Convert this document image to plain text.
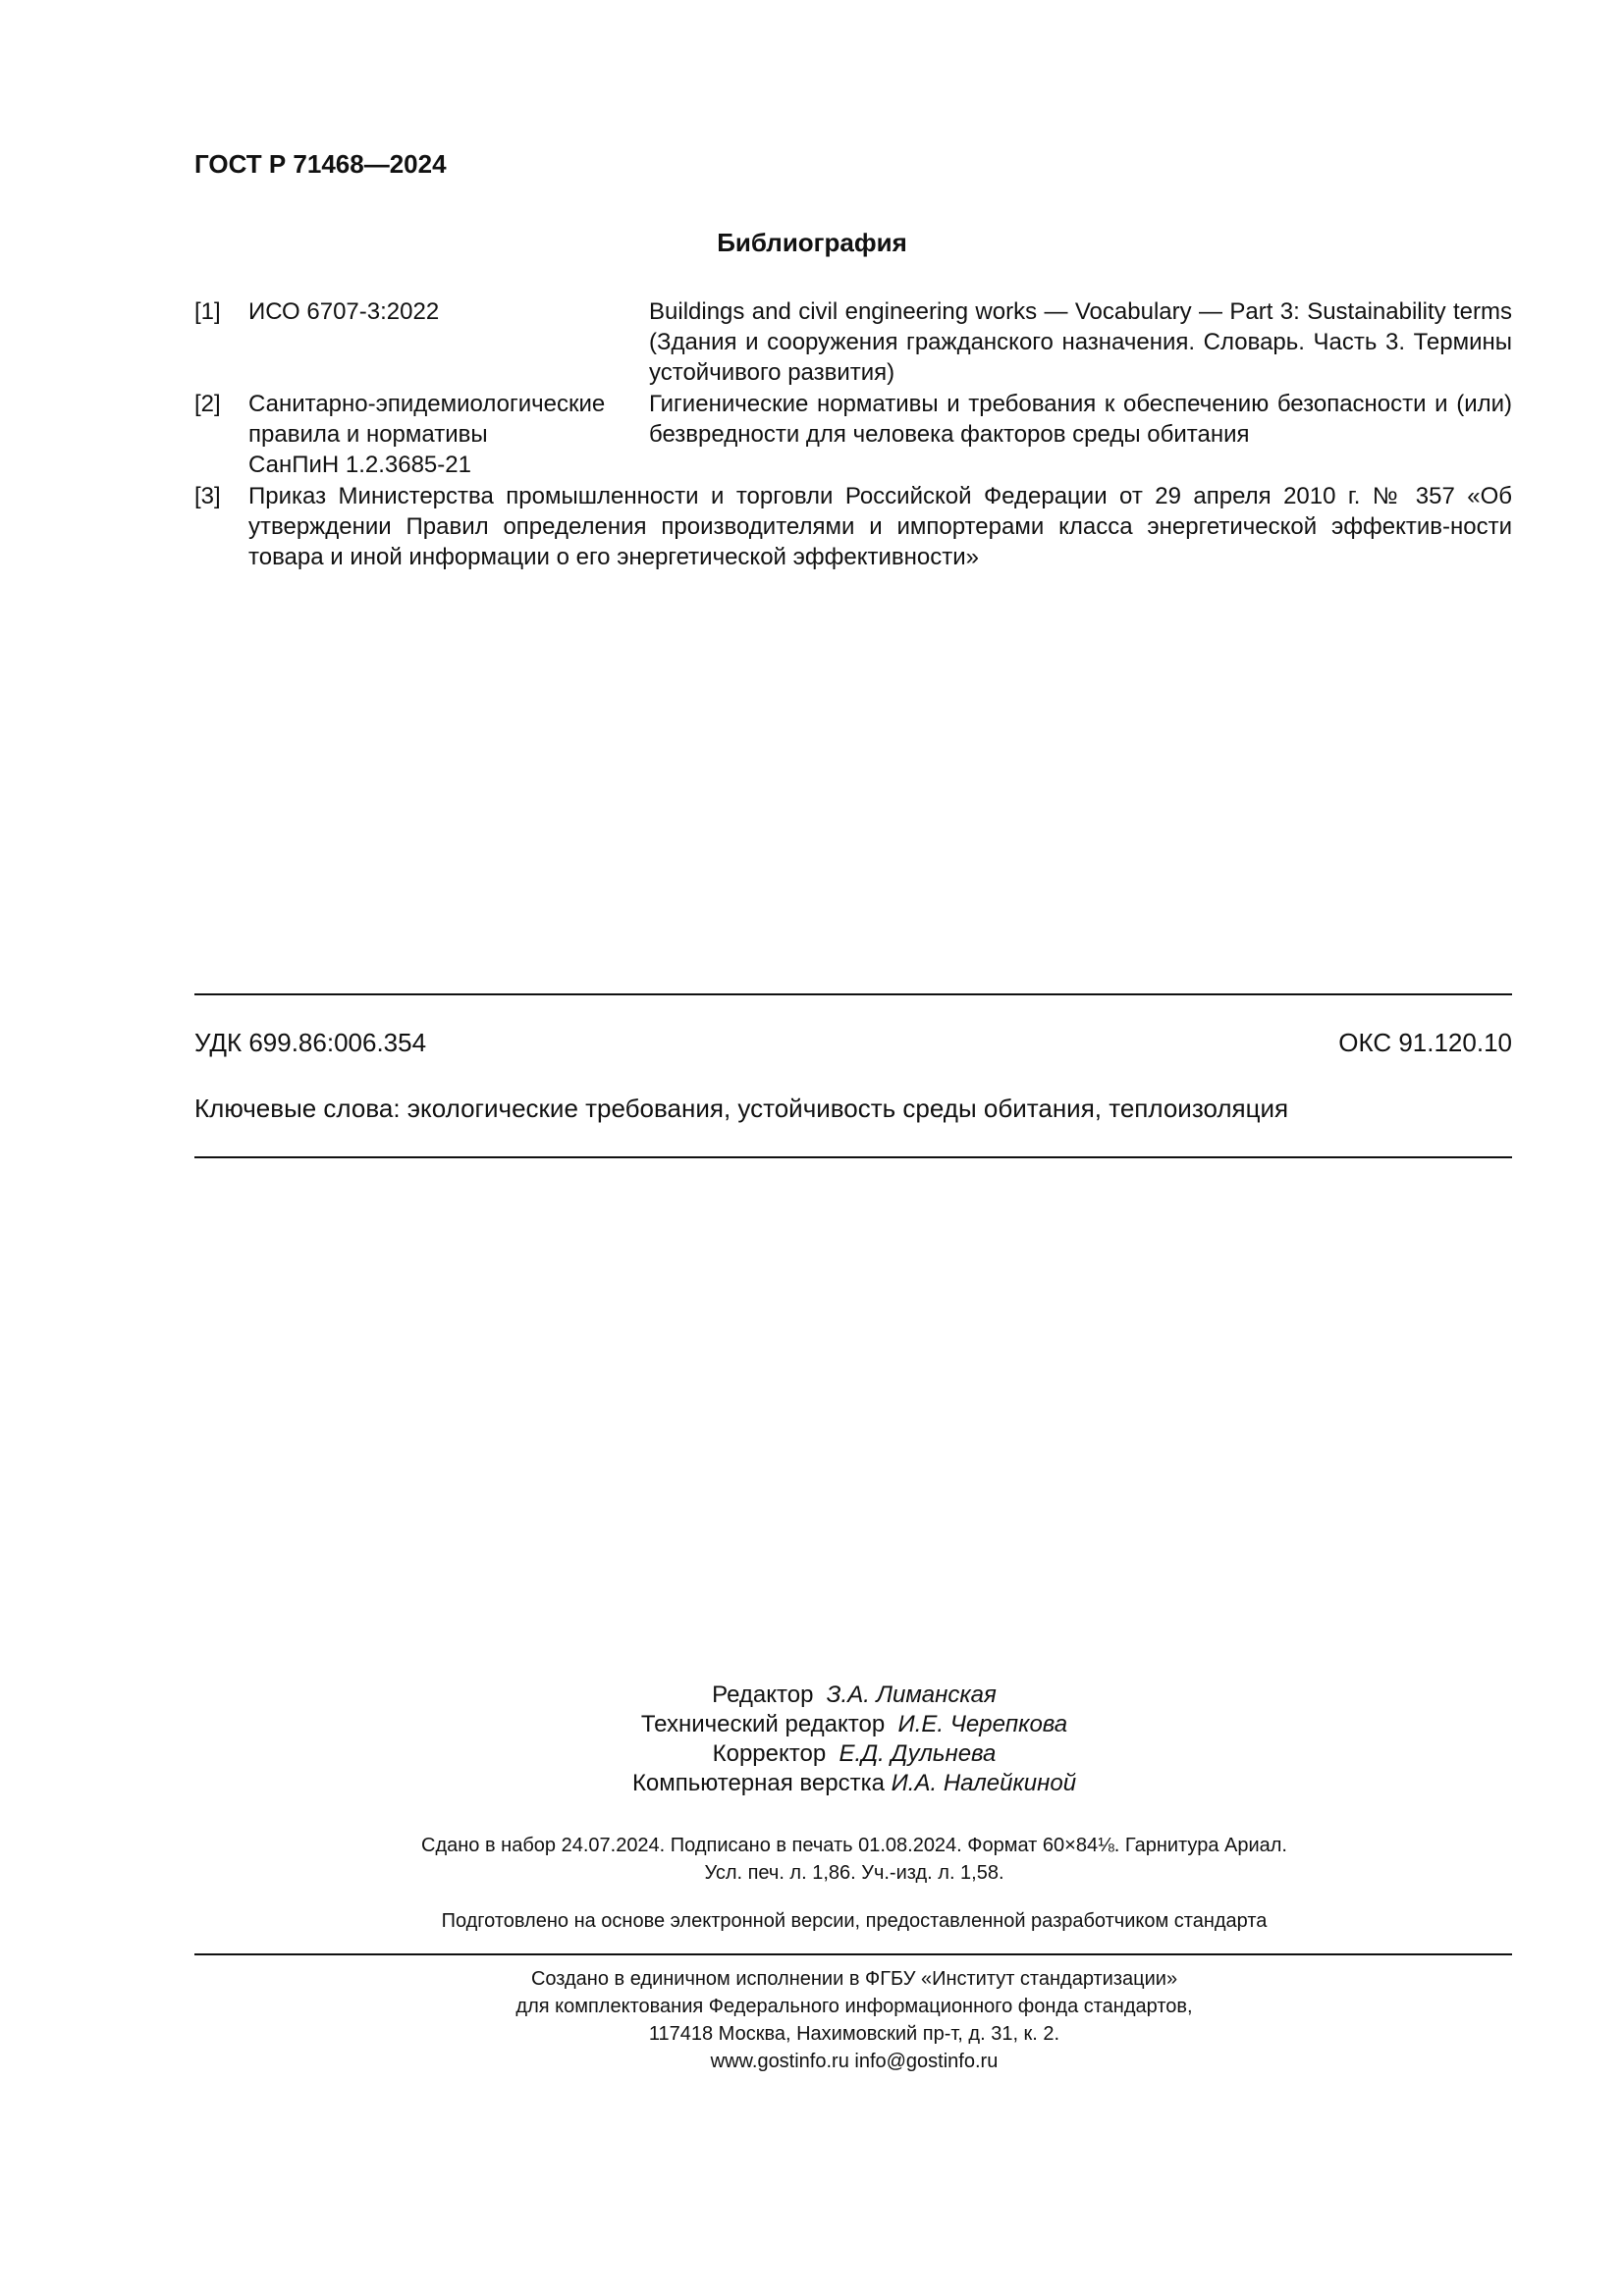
ГОСТ Р 71468—2024
Библиография
[1] ИСО 6707-3:2022	Buildings and civil engineering works — Vocabulary — Part 3: Sustainability terms (Здания и сооружения гражданского назначения. Словарь. Часть 3. Термины устойчивого развития)
[2] Санитарно-эпидемиологические
правила и нормативы
СанПиН 1.2.3685-21
Гигиенические нормативы и требования к обеспечению безопасности и (или) безвредности для человека факторов среды обитания
[3] Приказ Министерства промышленности и торговли Российской Федерации от 29 апреля 2010 г. № 357 «Об утверждении Правил определения производителями и импортерами класса энергетической эффектив-ности товара и иной информации о его энергетической эффективности»
УДК 699.86:006.354	ОКС 91.120.10
Ключевые слова: экологические требования, устойчивость среды обитания, теплоизоляция
Редактор З.А. Лиманская
Технический редактор И.Е. Черепкова
Корректор Е.Д. Дульнева
Компьютерная верстка И.А. Налейкиной
Сдано в набор 24.07.2024. Подписано в печать 01.08.2024. Формат 60×84⅛. Гарнитура Ариал.
Усл. печ. л. 1,86. Уч.-изд. л. 1,58.
Подготовлено на основе электронной версии, предоставленной разработчиком стандарта
Создано в единичном исполнении в ФГБУ «Институт стандартизации»
для комплектования Федерального информационного фонда стандартов,
117418 Москва, Нахимовский пр-т, д. 31, к. 2.
www.gostinfo.ru info@gostinfo.ru
